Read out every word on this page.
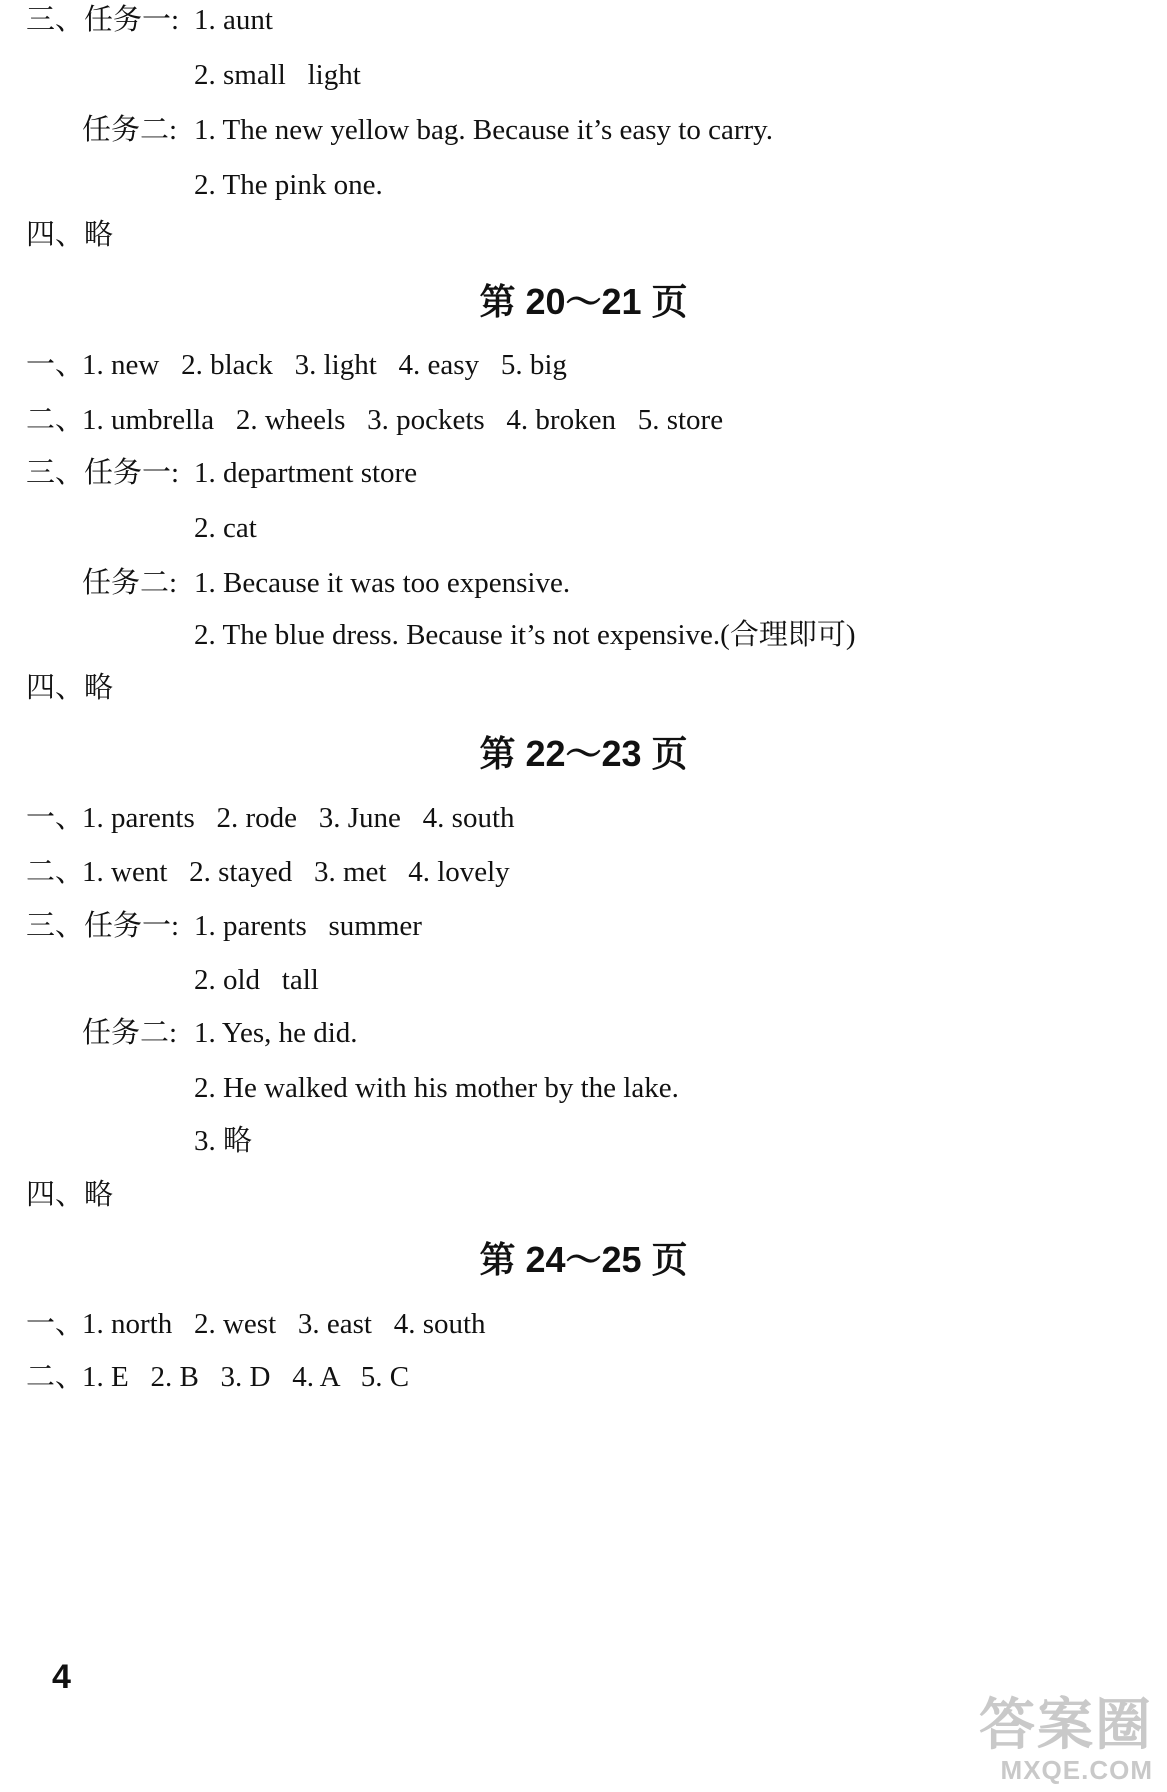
三、任务一: 1. aunt
2. small   light
任务二: 1. The new yellow bag. Because it’s easy to carry.
2. The pink one.
四、略
第 20～21 页
一、
1. new   2. black   3. light   4. easy   5. big
二、
1. umbrella   2. wheels   3. pockets   4. broken   5. store
三、任务一: 1. department store
2. cat
任务二: 1. Because it was too expensive.
2. The blue dress. Because it’s not expensive.(合理即可)
四、略
第 22～23 页
一、
1. parents   2. rode   3. June   4. south
二、
1. went   2. stayed   3. met   4. lovely
三、任务一: 1. parents   summer
2. old   tall
任务二: 1. Yes, he did.
2. He walked with his mother by the lake.
3. 略
四、略
第 24～25 页
一、
1. north   2. west   3. east   4. south
二、
1. E   2. B   3. D   4. A   5. C
4
答案圈
MXQE.COM
